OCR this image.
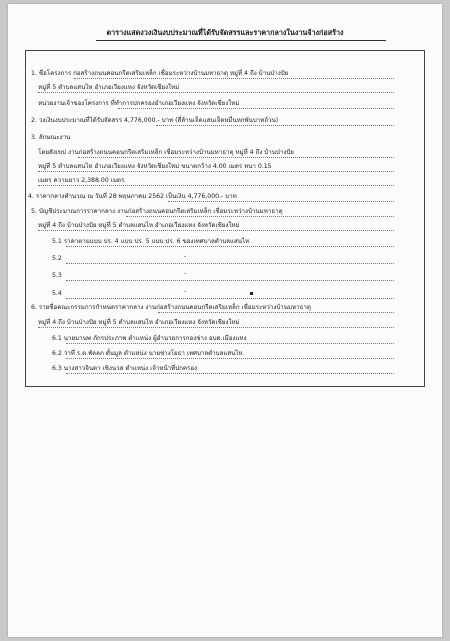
ตารางแสดงวงเงินงบประมาณที่ได้รับจัดสรรและราคากลางในงานจ้างก่อสร้าง
1. ชื่อโครงการ ก่อสร้างถนนคอนกรีตเสริมเหล็ก เชื่อมระหว่างบ้านมหาธาตุ หมู่ที่ 4 ถึง บ้านป่างปัย
หมู่ที่ 5 ตำบลแสนไห อำเภอเวียงแหง จังหวัดเชียงใหม่
หน่วยงานเจ้าของโครงการ ที่ทำการปกครองอำเภอเวียงแหง จังหวัดเชียงใหม่
2. วงเงินงบประมาณที่ได้รับจัดสรร 4,776,000.- บาท (สี่ล้านเจ็ดแสนเจ็ดหมื่นหกพันบาทถ้วน)
3. ลักษณะงาน
โดยสังเขป งานก่อสร้างถนนคอนกรีตเสริมเหล็ก เชื่อมระหว่างบ้านมหาธาตุ หมู่ที่ 4 ถึง บ้านป่างปัย
หมู่ที่ 5 ตำบลแสนไห อำเภอเวียงแหง จังหวัดเชียงใหม่ ขนาดกว้าง 4.00 เมตร หนา 0.15
เมตร ความยาว 2,388.00 เมตร
4. ราคากลางคำนวณ ณ วันที่ 28 พฤษภาคม 2562 เป็นเงิน 4,776,000.- บาท
5. บัญชีประมาณการราคากลาง งานก่อสร้างถนนคอนกรีตเสริมเหล็ก เชื่อมระหว่างบ้านมหาธาตุ
หมู่ที่ 4 ถึง บ้านป่างปัย หมู่ที่ 5 ตำบลแสนไห อำเภอเวียงแหง จังหวัดเชียงใหม่
5.1 ราคาตามแบบ ปร. 4 แบบ ปร. 5 แบบ ปร. 6 ของเทศบาลตำบลแสนไห
5.2	-
5.3	-
5.4	-
6. รายชื่อคณะกรรมการกำหนดราคากลาง งานก่อสร้างถนนคอนกรีตเสริมเหล็ก เชื่อมระหว่างบ้านมหาธาตุ
หมู่ที่ 4 ถึง บ้านป่างปัย หมู่ที่ 5 ตำบลแสนไห อำเภอเวียงแหง จังหวัดเชียงใหม่
6.1 นายมานพ ภักรประภาพ ตำแหน่ง ผู้อำนวยการกองช่าง อบต.เมืองแหง
6.2 ว่าที่ ร.ต.พัลลภ ตั้นมูล ตำแหน่ง นายช่างโยธา เทศบาลตำบลแสนไห
6.3 นางสาวจินดา เชิงนวล ตำแหน่ง เจ้าหน้าที่ปกครอง
